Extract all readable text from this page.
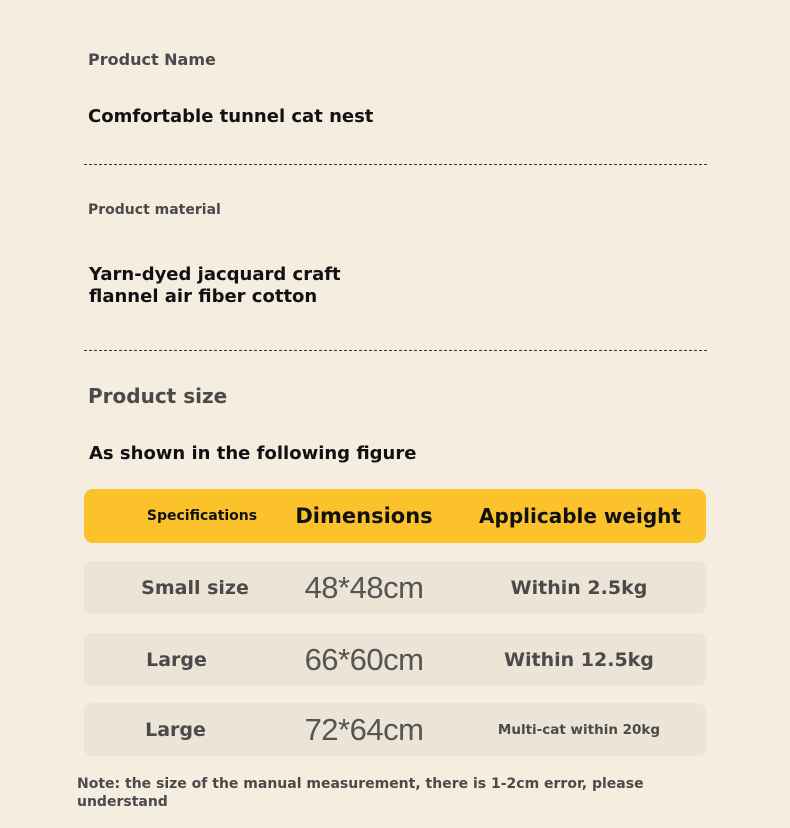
Product Name
Comfortable tunnel cat nest
Product material
Yarn-dyed jacquard craft
flannel air fiber cotton
Product size
As shown in the following figure
Specifications	Dimensions	Applicable weight
Small size	48*48cm	Within 2.5kg
Large	66*60cm	Within 12.5kg
Large	72*64cm	Multi-cat within 20kg
Note: the size of the manual measurement, there is 1-2cm error, please
understand
